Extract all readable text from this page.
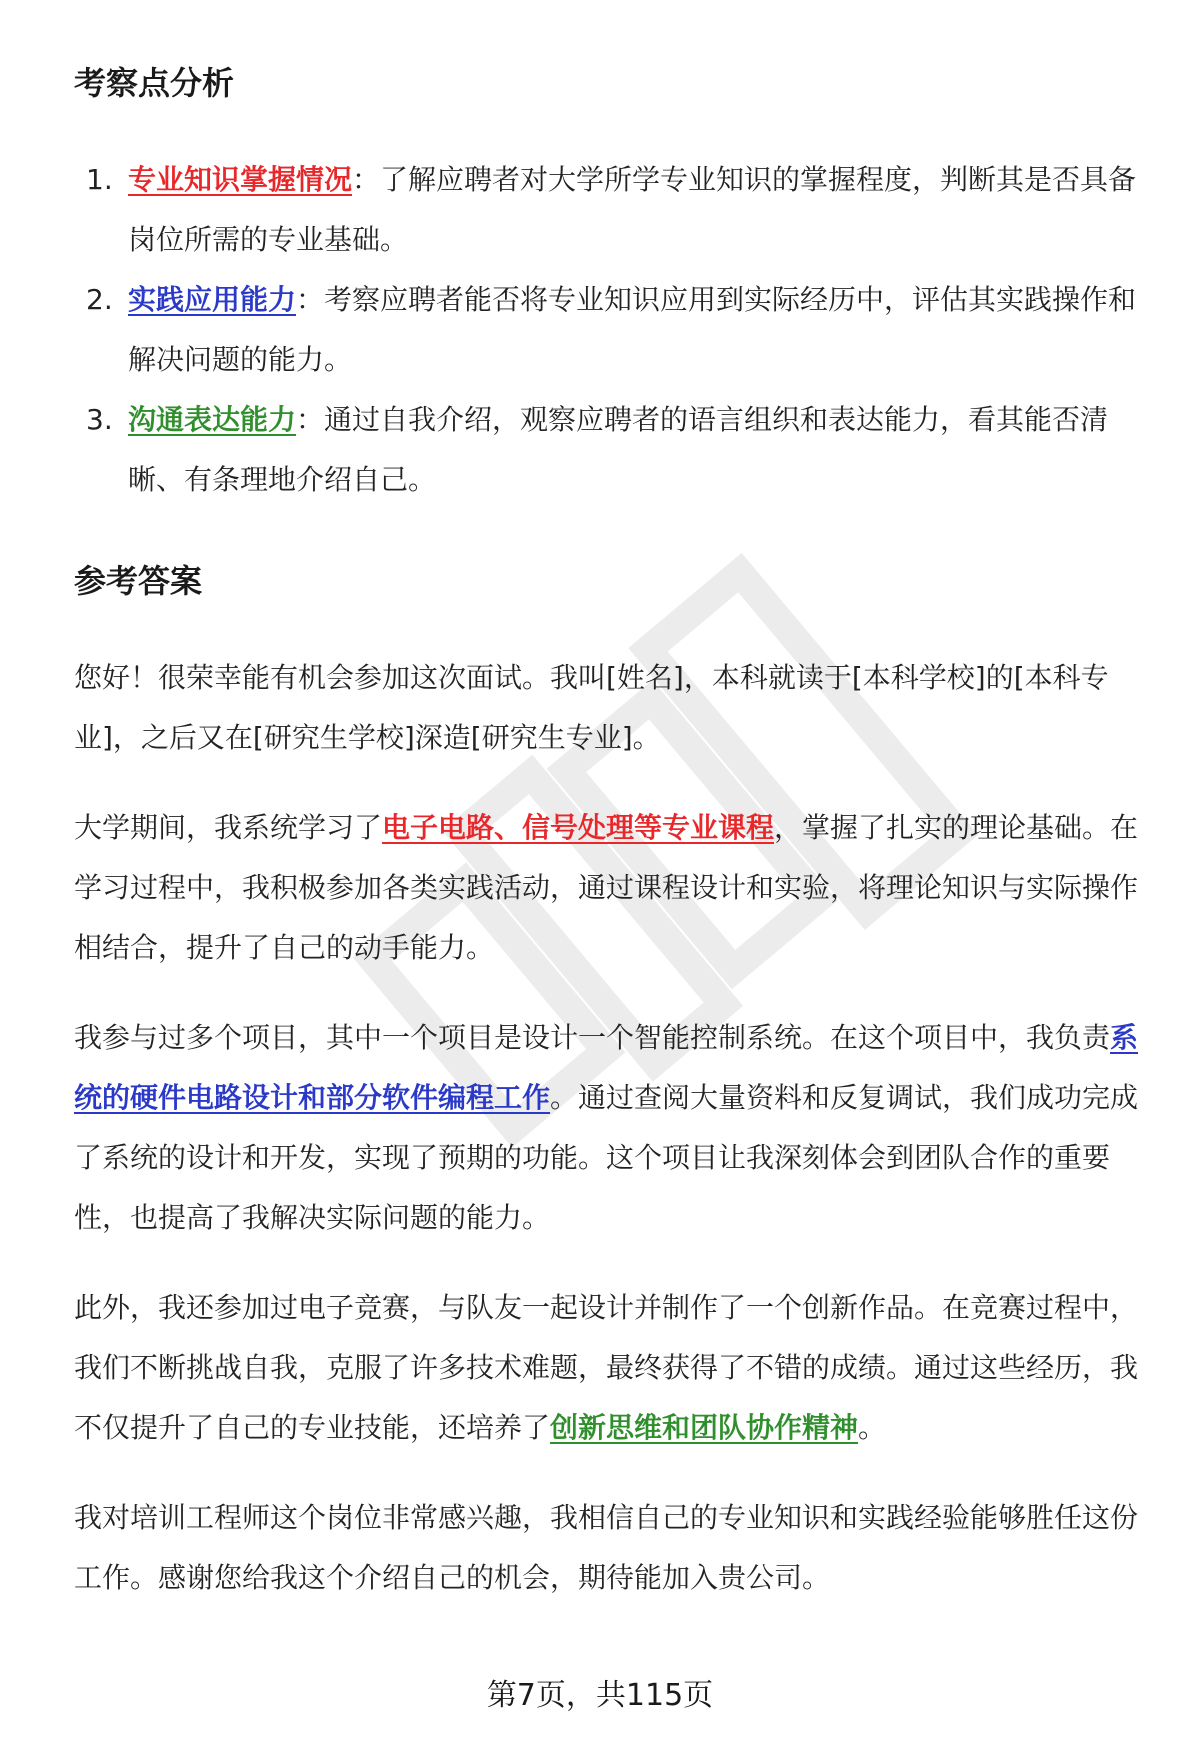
考察点分析
1. 专业知识掌握情况：了解应聘者对大学所学专业知识的掌握程度，判断其是否具备岗位所需的专业基础。
2. 实践应用能力：考察应聘者能否将专业知识应用到实际经历中，评估其实践操作和解决问题的能力。
3. 沟通表达能力：通过自我介绍，观察应聘者的语言组织和表达能力，看其能否清晰、有条理地介绍自己。
参考答案

您好！很荣幸能有机会参加这次面试。我叫[姓名]，本科就读于[本科学校]的[本科专业]，之后又在[研究生学校]深造[研究生专业]。

大学期间，我系统学习了电子电路、信号处理等专业课程，掌握了扎实的理论基础。在学习过程中，我积极参加各类实践活动，通过课程设计和实验，将理论知识与实际操作相结合，提升了自己的动手能力。

我参与过多个项目，其中一个项目是设计一个智能控制系统。在这个项目中，我负责系统的硬件电路设计和部分软件编程工作。通过查阅大量资料和反复调试，我们成功完成了系统的设计和开发，实现了预期的功能。这个项目让我深刻体会到团队合作的重要性，也提高了我解决实际问题的能力。

此外，我还参加过电子竞赛，与队友一起设计并制作了一个创新作品。在竞赛过程中，我们不断挑战自我，克服了许多技术难题，最终获得了不错的成绩。通过这些经历，我不仅提升了自己的专业技能，还培养了创新思维和团队协作精神。

我对培训工程师这个岗位非常感兴趣，我相信自己的专业知识和实践经验能够胜任这份工作。感谢您给我这个介绍自己的机会，期待能加入贵公司。

第7页，共115页
